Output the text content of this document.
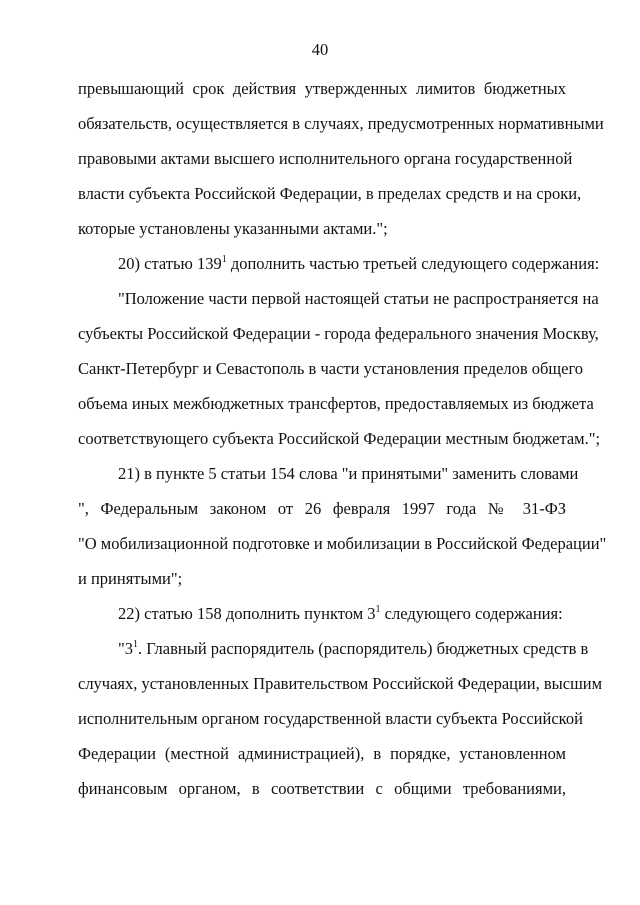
40
превышающий срок действия утвержденных лимитов бюджетных
обязательств, осуществляется в случаях, предусмотренных нормативными
правовыми актами высшего исполнительного органа государственной
власти субъекта Российской Федерации, в пределах средств и на сроки,
которые установлены указанными актами.";
20) статью $139^1$ дополнить частью третьей следующего содержания:
"Положение части первой настоящей статьи не распространяется на
субъекты Российской Федерации - города федерального значения Москву,
Санкт-Петербург и Севастополь в части установления пределов общего
объема иных межбюджетных трансфертов, предоставляемых из бюджета
соответствующего субъекта Российской Федерации местным бюджетам.";
21) в пункте 5 статьи 154 слова "и принятыми" заменить словами
", Федеральным законом от 26 февраля 1997 года № 31-ФЗ
"О мобилизационной подготовке и мобилизации в Российской Федерации"
и принятыми";
22) статью 158 дополнить пунктом $3^1$ следующего содержания:
"$3^1$. Главный распорядитель (распорядитель) бюджетных средств в
случаях, установленных Правительством Российской Федерации, высшим
исполнительным органом государственной власти субъекта Российской
Федерации (местной администрацией), в порядке, установленном
финансовым органом, в соответствии с общими требованиями,
